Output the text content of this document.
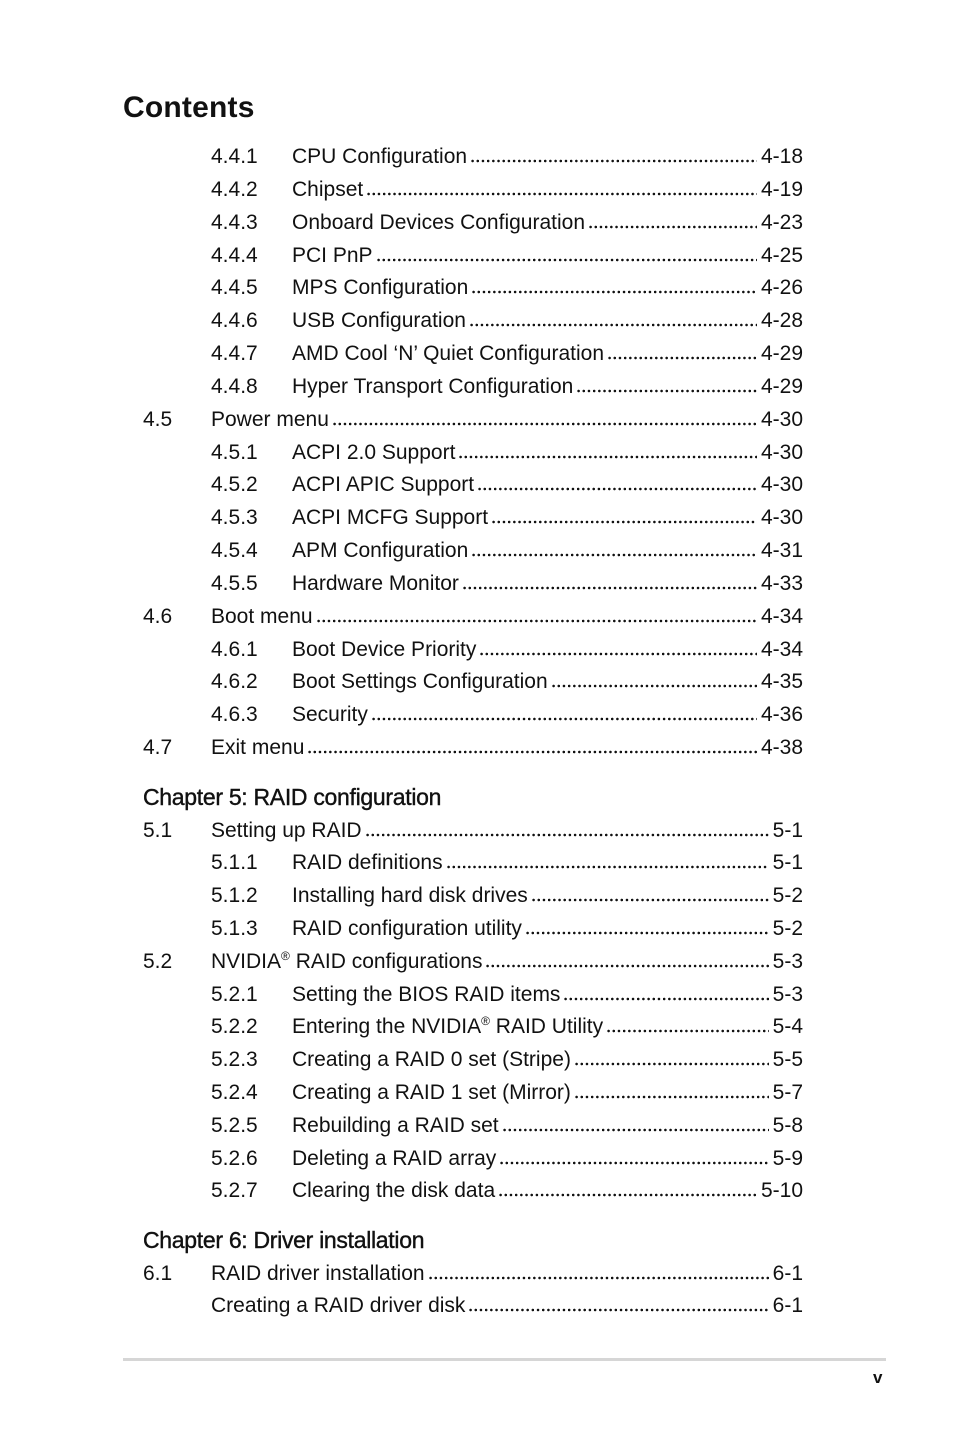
Contents
4.4.1	CPU Configuration	4-18
4.4.2	Chipset	4-19
4.4.3	Onboard Devices Configuration	4-23
4.4.4	PCI PnP	4-25
4.4.5	MPS Configuration	4-26
4.4.6	USB Configuration	4-28
4.4.7	AMD Cool ‘N’ Quiet Configuration	4-29
4.4.8	Hyper Transport Configuration	4-29
4.5	Power menu	4-30
4.5.1	ACPI 2.0 Support	4-30
4.5.2	ACPI APIC Support	4-30
4.5.3	ACPI MCFG Support	4-30
4.5.4	APM Configuration	4-31
4.5.5	Hardware Monitor	4-33
4.6	Boot menu	4-34
4.6.1	Boot Device Priority	4-34
4.6.2	Boot Settings Configuration	4-35
4.6.3	Security	4-36
4.7	Exit menu	4-38
Chapter 5: RAID configuration
5.1	Setting up RAID	5-1
5.1.1	RAID definitions	5-1
5.1.2	Installing hard disk drives	5-2
5.1.3	RAID configuration utility	5-2
5.2	NVIDIA® RAID configurations	5-3
5.2.1	Setting the BIOS RAID items	5-3
5.2.2	Entering the NVIDIA® RAID Utility	5-4
5.2.3	Creating a RAID 0 set (Stripe)	5-5
5.2.4	Creating a RAID 1 set (Mirror)	5-7
5.2.5	Rebuilding a RAID set	5-8
5.2.6	Deleting a RAID array	5-9
5.2.7	Clearing the disk data	5-10
Chapter 6: Driver installation
6.1	RAID driver installation	6-1
Creating a RAID driver disk	6-1
v
